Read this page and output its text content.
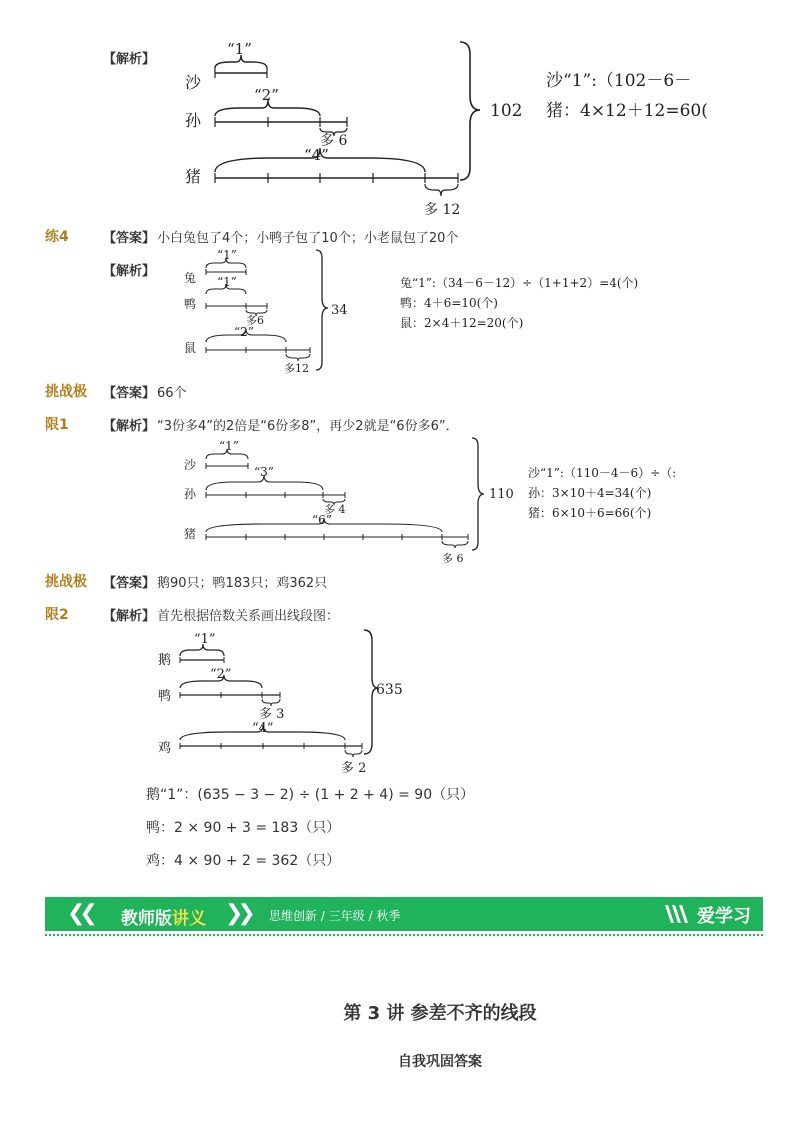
【解析】
沙
孙
猪
“1”
“2”
多 6
“4”
多 12
102
沙“1”:（102－6－
猪：4×12＋12=60(
练4	【答案】 小白兔包了4个；小鸭子包了10个；小老鼠包了20个
【解析】 兔
鸭
鼠
“1”
“1”
多6
“2”
多12
34
兔“1”:（34－6－12）÷（1+1+2）=4(个)
鸭：4＋6=10(个)
鼠：2×4＋12=20(个)
挑战极 【答案】 66个
限1	【解析】 “3份多4”的2倍是“6份多8”，再少2就是“6份多6”．
沙
孙
猪
“1”
“3”
多 4
“6”
多 6
110
沙“1”:（110－4－6）÷（:
孙：3×10＋4=34(个)
猪：6×10＋6=66(个)
挑战极 【答案】 鹅90只；鸭183只；鸡362只
限2	【解析】 首先根据倍数关系画出线段图：
鹅
鸭
鸡
“1”
“2”
多 3
“4”
多 2
635
鹅“1”：(635 − 3 − 2) ÷ (1 + 2 + 4) = 90（只）
鸭：2 × 90 + 3 = 183（只）
鸡：4 × 90 + 2 = 362（只）
❮❮ 教师版讲义 ❯❯ 思维创新 / 三年级 / 秋季	爱学习
第 3 讲 参差不齐的线段
自我巩固答案
